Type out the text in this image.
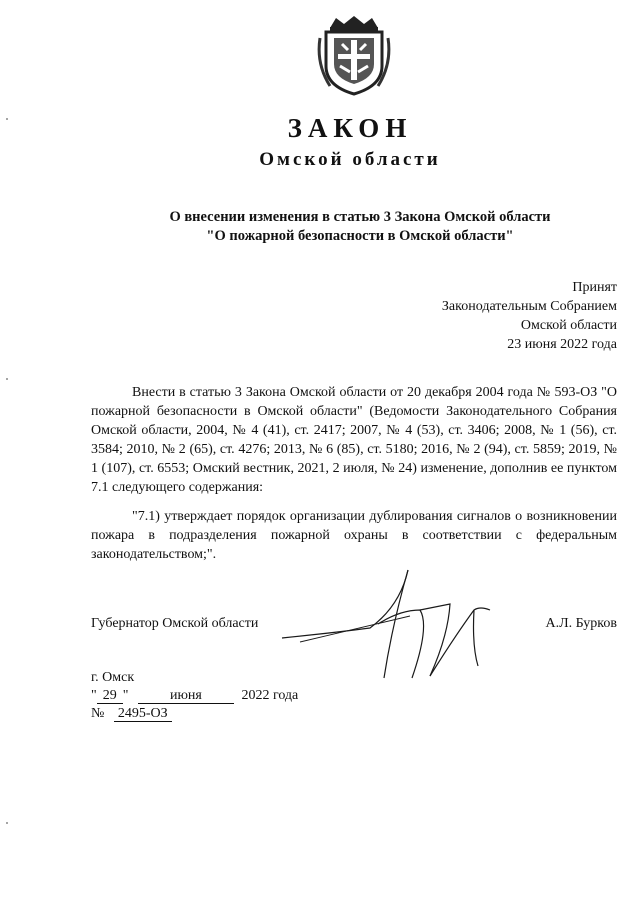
ЗАКОН
Омской области
О внесении изменения в статью 3 Закона Омской области
"О пожарной безопасности в Омской области"
Принят
Законодательным Собранием
Омской области
23 июня 2022 года

Внести в статью 3 Закона Омской области от 20 декабря 2004 года № 593-ОЗ "О пожарной безопасности в Омской области" (Ведомости Законодательного Собрания Омской области, 2004, № 4 (41), ст. 2417; 2007, № 4 (53), ст. 3406; 2008, № 1 (56), ст. 3584; 2010, № 2 (65), ст. 4276; 2013, № 6 (85), ст. 5180; 2016, № 2 (94), ст. 5859; 2019, № 1 (107), ст. 6553; Омский вестник, 2021, 2 июля, № 24) изменение, дополнив ее пунктом 7.1 следующего содержания:

"7.1) утверждает порядок организации дублирования сигналов о возникновении пожара в подразделения пожарной охраны в соответствии с федеральным законодательством;".

Губернатор Омской области	А.Л. Бурков
г. Омск
" 29 "	июня	2022 года
№ 2495-ОЗ
